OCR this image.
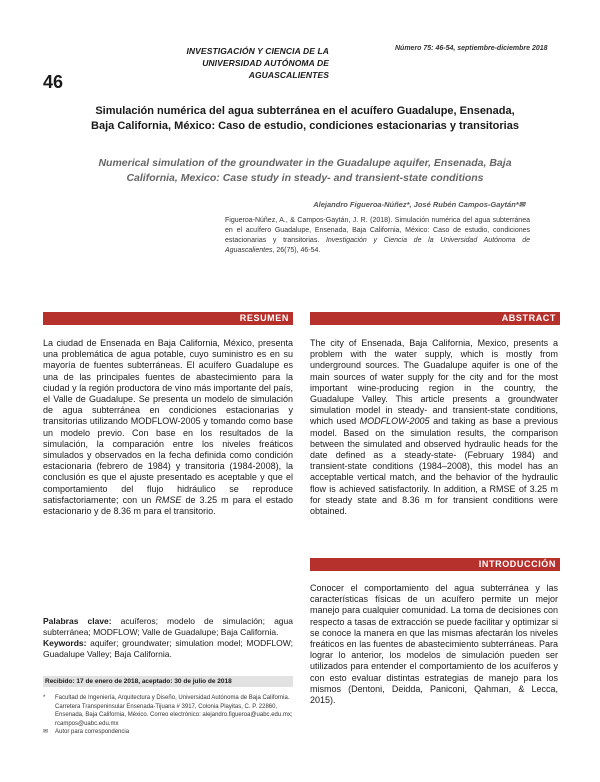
INVESTIGACIÓN Y CIENCIA DE LA UNIVERSIDAD AUTÓNOMA DE AGUASCALIENTES
Número 75: 46-54, septiembre-diciembre 2018
46
Simulación numérica del agua subterránea en el acuífero Guadalupe, Ensenada, Baja California, México: Caso de estudio, condiciones estacionarias y transitorias
Numerical simulation of the groundwater in the Guadalupe aquifer, Ensenada, Baja California, Mexico: Case study in steady- and transient-state conditions
Alejandro Figueroa-Núñez*, José Rubén Campos-Gaytán*✉
Figueroa-Núñez, A., & Campos-Gaytán, J. R. (2018). Simulación numérica del agua subterránea en el acuífero Guadalupe, Ensenada, Baja California, México: Caso de estudio, condiciones estacionarias y transitorias. Investigación y Ciencia de la Universidad Autónoma de Aguascalientes, 26(75), 46-54.
RESUMEN	ABSTRACT
La ciudad de Ensenada en Baja California, México, presenta una problemática de agua potable, cuyo suministro es en su mayoría de fuentes subterráneas. El acuífero Guadalupe es una de las principales fuentes de abastecimiento para la ciudad y la región productora de vino más importante del país, el Valle de Guadalupe. Se presenta un modelo de simulación de agua subterránea en condiciones estacionarias y transitorias utilizando MODFLOW-2005 y tomando como base un modelo previo. Con base en los resultados de la simulación, la comparación entre los niveles freáticos simulados y observados en la fecha definida como condición estacionaria (febrero de 1984) y transitoria (1984-2008), la conclusión es que el ajuste presentado es aceptable y que el comportamiento del flujo hidráulico se reproduce satisfactoriamente; con un RMSE de 3.25 m para el estado estacionario y de 8.36 m para el transitorio.
The city of Ensenada, Baja California, Mexico, presents a problem with the water supply, which is mostly from underground sources. The Guadalupe aquifer is one of the main sources of water supply for the city and for the most important wine-producing region in the country, the Guadalupe Valley. This article presents a groundwater simulation model in steady- and transient-state conditions, which used MODFLOW-2005 and taking as base a previous model. Based on the simulation results, the comparison between the simulated and observed hydraulic heads for the date defined as a steady-state- (February 1984) and transient-state conditions (1984–2008), this model has an acceptable vertical match, and the behavior of the hydraulic flow is achieved satisfactorily. In addition, a RMSE of 3.25 m for steady state and 8.36 m for transient conditions were obtained.
INTRODUCCIÓN
Conocer el comportamiento del agua subterránea y las características físicas de un acuífero permite un mejor manejo para cualquier comunidad. La toma de decisiones con respecto a tasas de extracción se puede facilitar y optimizar si se conoce la manera en que las mismas afectarán los niveles freáticos en las fuentes de abastecimiento subterráneas. Para lograr lo anterior, los modelos de simulación pueden ser utilizados para entender el comportamiento de los acuíferos y con esto evaluar distintas estrategias de manejo para los mismos (Dentoni, Deidda, Paniconi, Qahman, & Lecca, 2015).
Palabras clave: acuíferos; modelo de simulación; agua subterránea; MODFLOW; Valle de Guadalupe; Baja California.
Keywords: aquifer; groundwater; simulation model; MODFLOW; Guadalupe Valley; Baja California.
Recibido: 17 de enero de 2018, aceptado: 30 de julio de 2018
*	Facultad de Ingeniería, Arquitectura y Diseño, Universidad Autónoma de Baja California. Carretera Transpeninsular Ensenada-Tijuana # 3917, Colonia Playitas, C. P. 22860, Ensenada, Baja California, México. Correo electrónico: alejandro.figueroa@uabc.edu.mx; rcampos@uabc.edu.mx
✉	Autor para correspondencia
